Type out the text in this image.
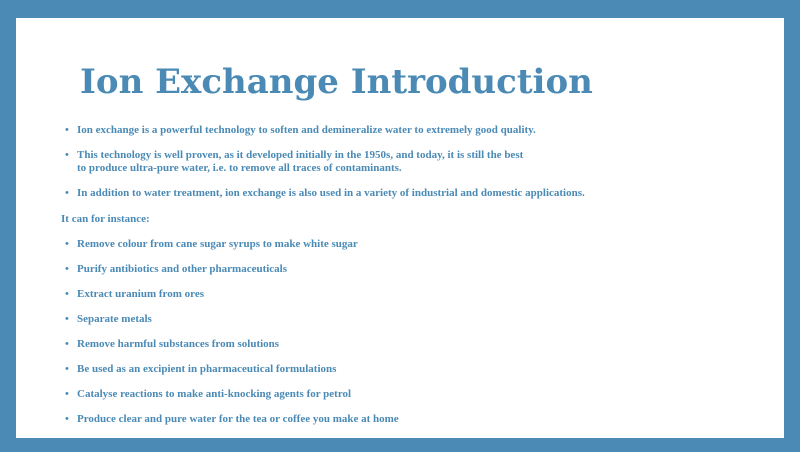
Ion Exchange Introduction
• Ion exchange is a powerful technology to soften and demineralize water to extremely good quality.
• This technology is well proven, as it developed initially in the 1950s, and today, it is still the best
to produce ultra-pure water, i.e. to remove all traces of contaminants.
• In addition to water treatment, ion exchange is also used in a variety of industrial and domestic applications.

It can for instance:

• Remove colour from cane sugar syrups to make white sugar
• Purify antibiotics and other pharmaceuticals
• Extract uranium from ores
• Separate metals
• Remove harmful substances from solutions
• Be used as an excipient in pharmaceutical formulations
• Catalyse reactions to make anti-knocking agents for petrol
• Produce clear and pure water for the tea or coffee you make at home
